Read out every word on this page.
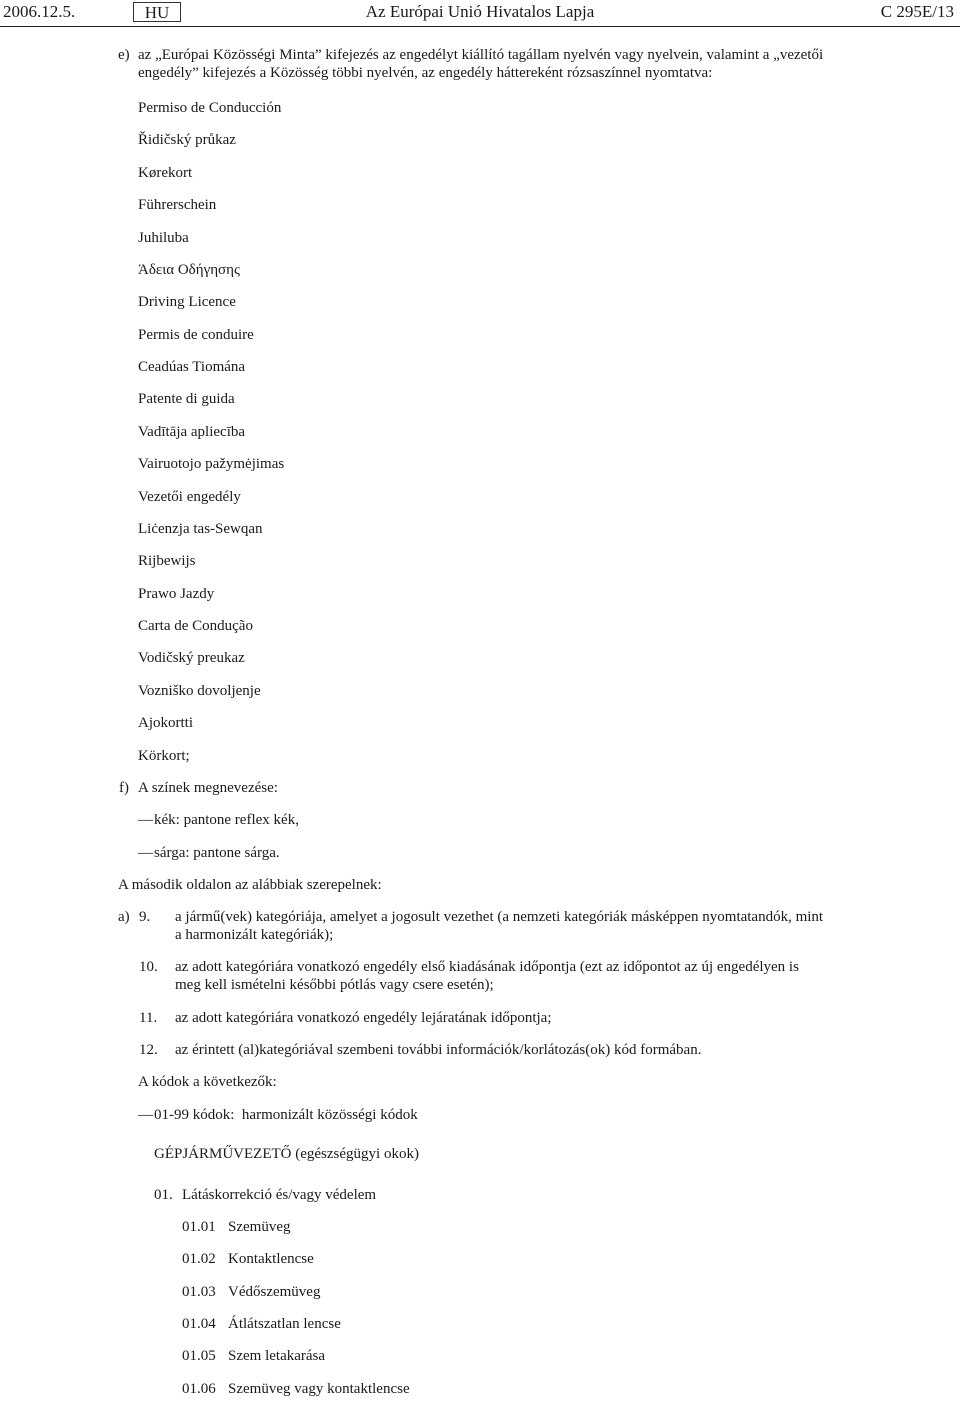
Az Európai Unió Hivatalos Lapja
2006.12.5.	HU	C 295E/13
e) az „Európai Közösségi Minta” kifejezés az engedélyt kiállító tagállam nyelvén vagy nyelvein, valamint a „vezetői
engedély” kifejezés a Közösség többi nyelvén, az engedély háttereként rózsaszínnel nyomtatva:
Permiso de Conducción
Řidičský průkaz
Kørekort
Führerschein
Juhiluba
Άδεια Οδήγησης
Driving Licence
Permis de conduire
Ceadúas Tiomána
Patente di guida
Vadītāja apliecība
Vairuotojo pažymėjimas
Vezetői engedély
Liċenzja tas-Sewqan
Rijbewijs
Prawo Jazdy
Carta de Condução
Vodičský preukaz
Vozniško dovoljenje
Ajokortti
Körkort;
f) A színek megnevezése:
— kék: pantone reflex kék,
— sárga: pantone sárga.
A második oldalon az alábbiak szerepelnek:
a) 9. a jármű(vek) kategóriája, amelyet a jogosult vezethet (a nemzeti kategóriák másképpen nyomtatandók, mint
a harmonizált kategóriák);
10. az adott kategóriára vonatkozó engedély első kiadásának időpontja (ezt az időpontot az új engedélyen is
meg kell ismételni későbbi pótlás vagy csere esetén);
11. az adott kategóriára vonatkozó engedély lejáratának időpontja;
12. az érintett (al)kategóriával szembeni további információk/korlátozás(ok) kód formában.
A kódok a következők:
— 01-99 kódok:  harmonizált közösségi kódok
GÉPJÁRMŰVEZETŐ (egészségügyi okok)
01. Látáskorrekció és/vagy védelem
01.01 Szemüveg
01.02 Kontaktlencse
01.03 Védőszemüveg
01.04 Átlátszatlan lencse
01.05 Szem letakarása
01.06 Szemüveg vagy kontaktlencse
